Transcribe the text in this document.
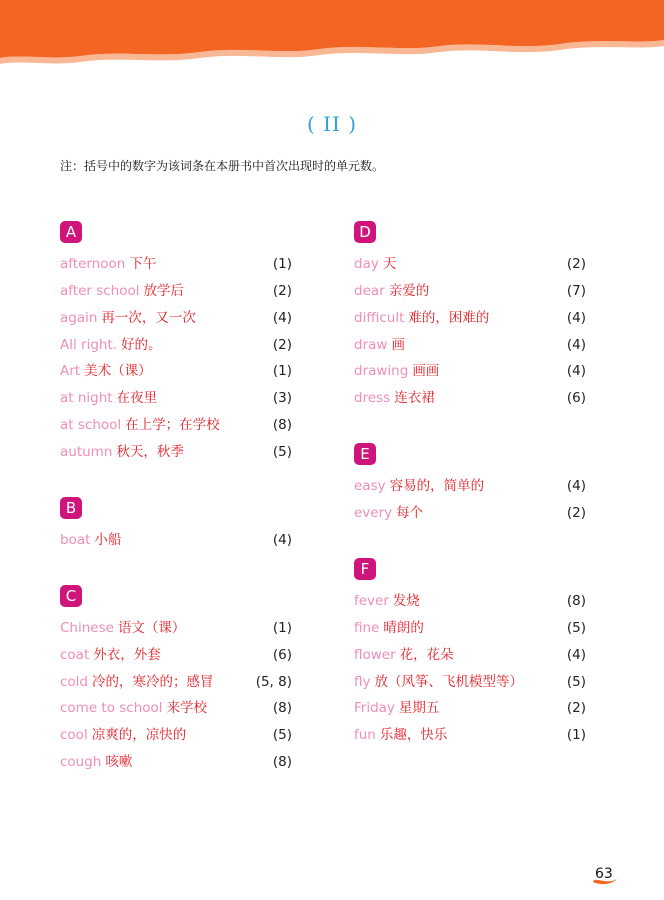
( II )
注：括号中的数字为该词条在本册书中首次出现时的单元数。
A
afternoon 下午	(1)
after school 放学后	(2)
again 再一次，又一次	(4)
All right. 好的。	(2)
Art 美术（课）	(1)
at night 在夜里	(3)
at school 在上学；在学校	(8)
autumn 秋天，秋季	(5)
B
boat 小船	(4)
C
Chinese 语文（课）	(1)
coat 外衣，外套	(6)
cold 冷的，寒冷的；感冒	(5, 8)
come to school 来学校	(8)
cool 凉爽的，凉快的	(5)
cough 咳嗽	(8)
D
day 天	(2)
dear 亲爱的	(7)
difficult 难的，困难的	(4)
draw 画	(4)
drawing 画画	(4)
dress 连衣裙	(6)
E
easy 容易的，简单的	(4)
every 每个	(2)
F
fever 发烧	(8)
fine 晴朗的	(5)
flower 花，花朵	(4)
fly 放（风筝、飞机模型等）	(5)
Friday 星期五	(2)
fun 乐趣，快乐	(1)
63
